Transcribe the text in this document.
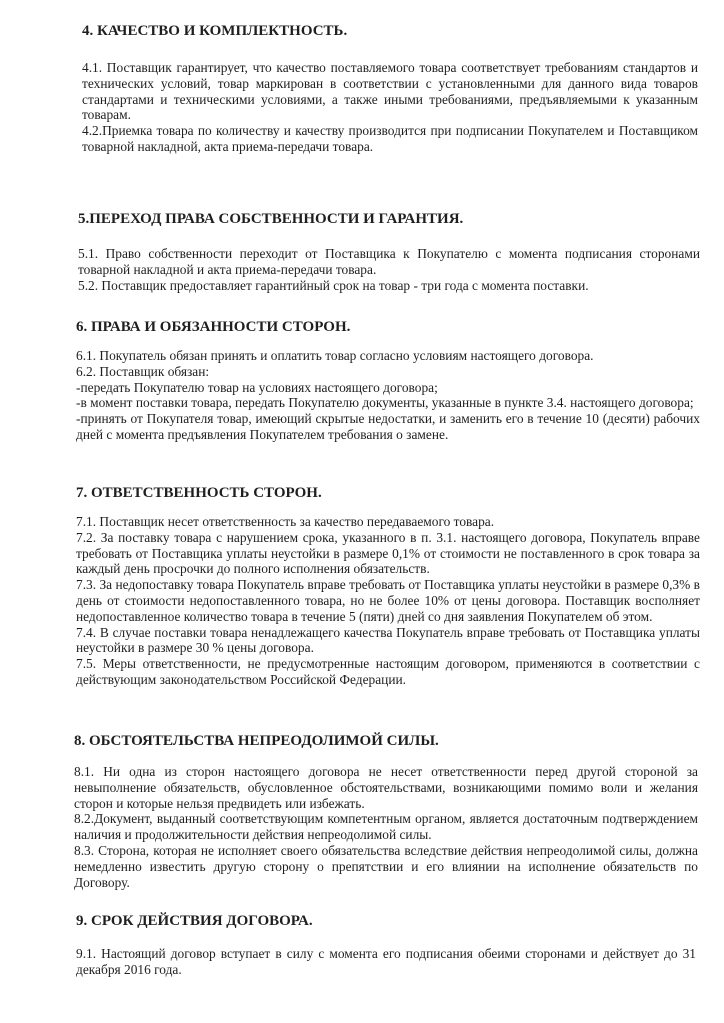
4. КАЧЕСТВО И КОМПЛЕКТНОСТЬ.

4.1. Поставщик гарантирует, что качество поставляемого товара соответствует требованиям стандартов и технических условий, товар маркирован в соответствии с установленными для данного вида товаров стандартами и техническими условиями, а также иными требованиями, предъявляемыми к указанным товарам.

4.2.Приемка товара по количеству и качеству производится при подписании Покупателем и Поставщиком товарной накладной, акта приема-передачи товара.

5.ПЕРЕХОД ПРАВА СОБСТВЕННОСТИ И ГАРАНТИЯ.

5.1. Право собственности переходит от Поставщика к Покупателю с момента подписания сторонами товарной накладной и акта приема-передачи товара.

5.2. Поставщик предоставляет гарантийный срок на товар - три года с момента поставки.

6. ПРАВА И ОБЯЗАННОСТИ СТОРОН.

6.1. Покупатель обязан принять и оплатить товар согласно условиям настоящего договора.

6.2. Поставщик обязан:

-передать Покупателю товар на условиях настоящего договора;

-в момент поставки товара, передать Покупателю документы, указанные в пункте 3.4. настоящего договора;

-принять от Покупателя товар, имеющий скрытые недостатки, и заменить его в течение 10 (десяти) рабочих дней с момента предъявления Покупателем требования о замене.

7. ОТВЕТСТВЕННОСТЬ СТОРОН.

7.1. Поставщик несет ответственность за качество передаваемого товара.

7.2. За поставку товара с нарушением срока, указанного в п. 3.1. настоящего договора, Покупатель вправе требовать от Поставщика уплаты неустойки в размере 0,1% от стоимости не поставленного в срок товара за каждый день просрочки до полного исполнения обязательств.

7.3. За недопоставку товара Покупатель вправе требовать от Поставщика уплаты неустойки в размере 0,3% в день от стоимости недопоставленного товара, но не более 10% от цены договора. Поставщик восполняет недопоставленное количество товара в течение 5 (пяти) дней со дня заявления Покупателем об этом.

7.4. В случае поставки товара ненадлежащего качества Покупатель вправе требовать от Поставщика уплаты неустойки в размере 30 % цены договора.

7.5. Меры ответственности, не предусмотренные настоящим договором, применяются в соответствии с действующим законодательством Российской Федерации.

8. ОБСТОЯТЕЛЬСТВА НЕПРЕОДОЛИМОЙ СИЛЫ.

8.1. Ни одна из сторон настоящего договора не несет ответственности перед другой стороной за невыполнение обязательств, обусловленное обстоятельствами, возникающими помимо воли и желания сторон и которые нельзя предвидеть или избежать.

8.2.Документ, выданный соответствующим компетентным органом, является достаточным подтверждением наличия и продолжительности действия непреодолимой силы.

8.3. Сторона, которая не исполняет своего обязательства вследствие действия непреодолимой силы, должна немедленно известить другую сторону о препятствии и его влиянии на исполнение обязательств по Договору.

9. СРОК ДЕЙСТВИЯ ДОГОВОРА.

9.1. Настоящий договор вступает в силу с момента его подписания обеими сторонами и действует до 31 декабря 2016 года.
